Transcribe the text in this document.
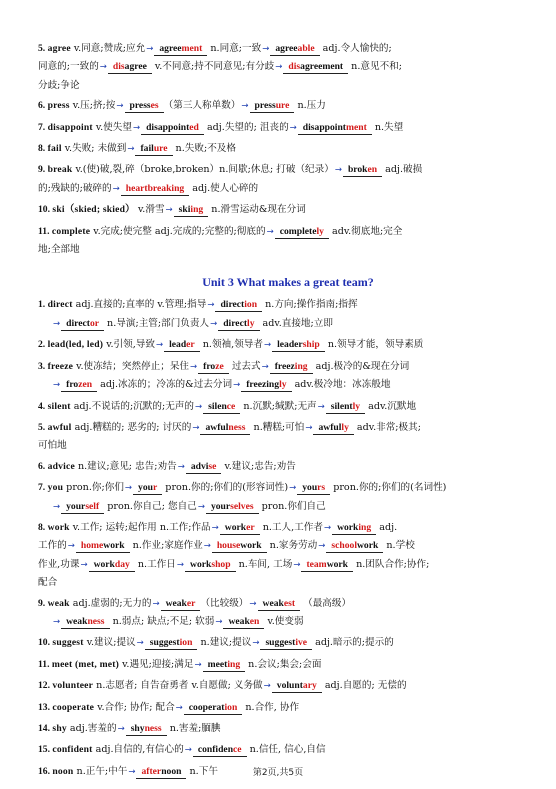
5. agree v.同意;赞成;应允→ agreement n.同意;一致→ agreeable adj.令人愉快的;

同意的;一致的→ disagree v.不同意;持不同意见;有分歧→ disagreement n.意见不和;

分歧;争论

6. press v.压;挤;按→ presses （第三人称单数）→ pressure n.压力

7. disappoint v.使失望→ disappointed adj.失望的; 沮丧的→ disappointment n.失望

8. fail v.失败; 未做到→ failure n.失败;不及格

9. break v.(使)破,裂,碎（broke,broken）n.间歇;休息; 打破（纪录）→ broken adj.破损

的;残缺的;破碎的→ heartbreaking adj.使人心碎的

10. ski（skied; skied） v.滑雪→ skiing n.滑雪运动&现在分词

11. complete v.完成;使完整 adj.完成的;完整的;彻底的→ completely adv.彻底地;完全

地;全部地

Unit 3 What makes a great team?

1. direct adj.直接的;直率的 v.管理;指导→ direction n.方向;操作指南;指挥

→ director n.导演;主管;部门负责人→ directly adv.直接地;立即

2. lead(led, led) v.引领,导致→ leader n.领袖,领导者→ leadership n.领导才能，领导素质

3. freeze v.使冻结；突然停止；呆住→ froze 过去式→ freezing adj.极冷的&现在分词

→ frozen adj.冰冻的；冷冻的&过去分词→ freezingly adv.极冷地：冰冻般地

4. silent adj.不说话的;沉默的;无声的→ silence n.沉默;缄默;无声→ silently adv.沉默地

5. awful adj.糟糕的; 恶劣的; 讨厌的→ awfulness n.糟糕;可怕→ awfully adv.非常;极其;

可怕地

6. advice n.建议;意见; 忠告;劝告→ advise v.建议;忠告;劝告

7. you pron.你;你们→ your pron.你的;你们的(形容词性)→ yours pron.你的;你们的(名词性)

→ yourself pron.你自己; 您自己→ yourselves pron.你们自己

8. work v.工作; 运转;起作用 n.工作;作品→ worker n.工人,工作者→ working adj.

工作的→ homework n.作业;家庭作业→ housework n.家务劳动→ schoolwork n.学校

作业,功课→ workday n.工作日→ workshop n.车间, 工场→ teamwork n.团队合作;协作;

配合

9. weak adj.虚弱的;无力的→ weaker （比较级）→ weakest （最高级）

→ weakness n.弱点; 缺点;不足; 软弱→ weaken v.使变弱

10. suggest v.建议;提议→ suggestion n.建议;提议→ suggestive adj.暗示的;提示的

11. meet (met, met) v.遇见;迎接;满足→ meeting n.会议;集会;会面

12. volunteer n.志愿者; 自告奋勇者 v.自愿做; 义务做→ voluntary adj.自愿的; 无偿的

13. cooperate v.合作; 协作; 配合→ cooperation n.合作, 协作

14. shy adj.害羞的→ shyness n.害羞;腼腆

15. confident adj.自信的,有信心的→ confidence n.信任, 信心,自信

16. noon n.正午;中午→ afternoon n.下午	第2页,共5页
